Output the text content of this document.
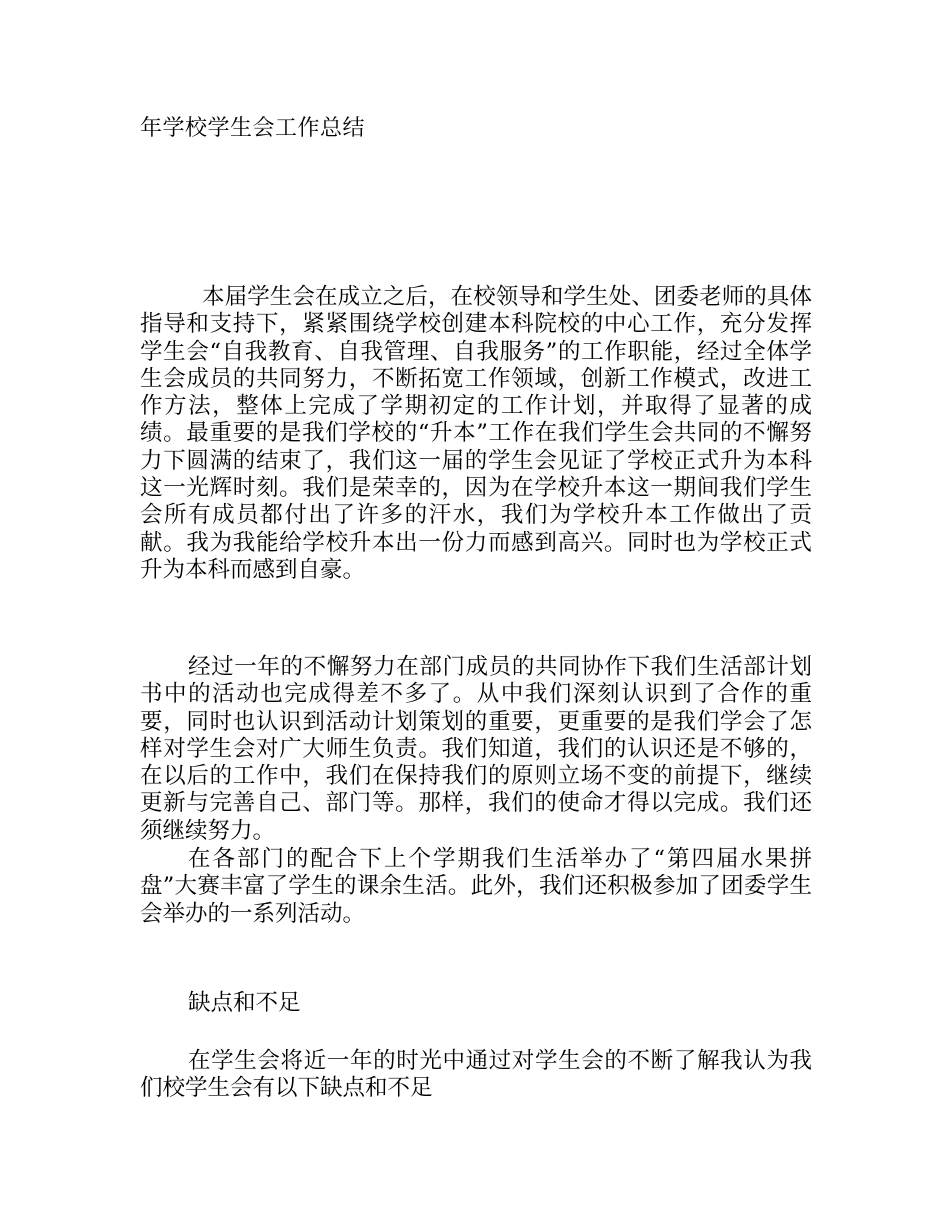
年学校学生会工作总结

本届学生会在成立之后，在校领导和学生处、团委老师的具体指导和支持下，紧紧围绕学校创建本科院校的中心工作，充分发挥学生会“自我教育、自我管理、自我服务”的工作职能，经过全体学生会成员的共同努力，不断拓宽工作领域，创新工作模式，改进工作方法，整体上完成了学期初定的工作计划，并取得了显著的成绩。最重要的是我们学校的“升本”工作在我们学生会共同的不懈努力下圆满的结束了，我们这一届的学生会见证了学校正式升为本科这一光辉时刻。我们是荣幸的，因为在学校升本这一期间我们学生会所有成员都付出了许多的汗水，我们为学校升本工作做出了贡献。我为我能给学校升本出一份力而感到高兴。同时也为学校正式升为本科而感到自豪。

经过一年的不懈努力在部门成员的共同协作下我们生活部计划书中的活动也完成得差不多了。从中我们深刻认识到了合作的重要，同时也认识到活动计划策划的重要，更重要的是我们学会了怎样对学生会对广大师生负责。我们知道，我们的认识还是不够的，在以后的工作中，我们在保持我们的原则立场不变的前提下，继续更新与完善自己、部门等。那样，我们的使命才得以完成。我们还须继续努力。

在各部门的配合下上个学期我们生活举办了“第四届水果拼盘”大赛丰富了学生的课余生活。此外，我们还积极参加了团委学生会举办的一系列活动。

缺点和不足

在学生会将近一年的时光中通过对学生会的不断了解我认为我们校学生会有以下缺点和不足
